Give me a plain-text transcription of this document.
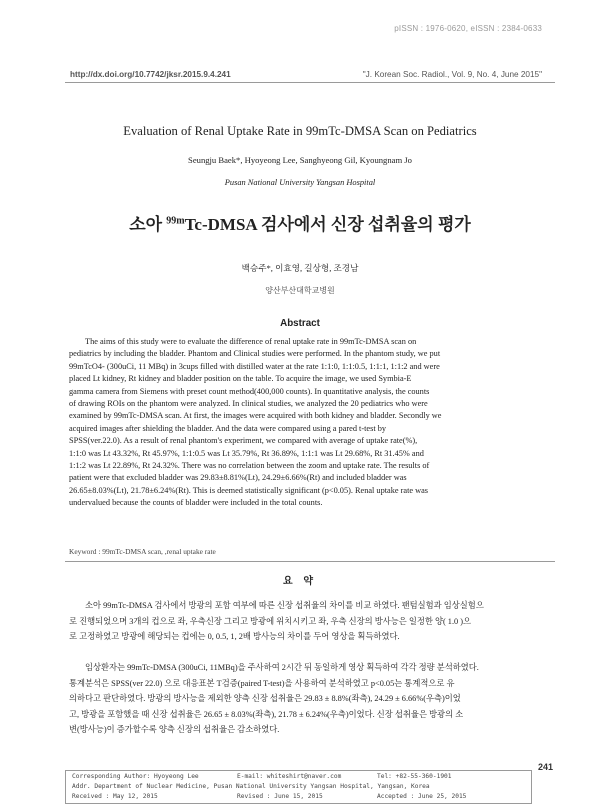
pISSN : 1976-0620, eISSN : 2384-0633
http://dx.doi.org/10.7742/jksr.2015.9.4.241	"J. Korean Soc. Radiol., Vol. 9, No. 4, June 2015"
Evaluation of Renal Uptake Rate in 99mTc-DMSA Scan on Pediatrics
Seungju Baek*, Hyoyeong Lee, Sanghyeong Gil, Kyoungnam Jo
Pusan National University Yangsan Hospital
소아 $^{99m}$Tc-DMSA 검사에서 신장 섭취율의 평가
백승주*, 이효영, 길상형, 조경남
양산부산대학교병원
Abstract
The aims of this study were to evaluate the difference of renal uptake rate in 99mTc-DMSA scan on
pediatrics by including the bladder. Phantom and Clinical studies were performed. In the phantom study, we put
99mTcO4- (300uCi, 11 MBq) in 3cups filled with distilled water at the rate 1:1:0, 1:1:0.5, 1:1:1, 1:1:2 and were
placed Lt kidney, Rt kidney and bladder position on the table. To acquire the image, we used Symbia-E
gamma camera from Siemens with preset count method(400,000 counts). In quantitative analysis, the counts
of drawing ROIs on the phantom were analyzed. In clinical studies, we analyzed the 20 pediatrics who were
examined by 99mTc-DMSA scan. At first, the images were acquired with both kidney and bladder. Secondly we
acquired images after shielding the bladder. And the data were compared using a pared t-test by
SPSS(ver.22.0). As a result of renal phantom's experiment, we compared with average of uptake rate(%),
1:1:0 was Lt 43.32%, Rt 45.97%, 1:1:0.5 was Lt 35.79%, Rt 36.89%, 1:1:1 was Lt 29.68%, Rt 31.45% and
1:1:2 was Lt 22.89%, Rt 24.32%. There was no correlation between the zoom and uptake rate. The results of
patient were that excluded bladder was 29.83±8.81%(Lt), 24.29±6.66%(Rt) and included bladder was
26.65±8.03%(Lt), 21.78±6.24%(Rt). This is deemed statistically significant (p<0.05). Renal uptake rate was
undervalued because the counts of bladder were included in the total counts.
Keyword : 99mTc-DMSA scan, ,renal uptake rate
요 약
소아 99mTc-DMSA 검사에서 방광의 포함 여부에 따른 신장 섭취율의 차이를 비교 하였다. 팬텀실험과 임상실험으
로 진행되었으며 3개의 컵으로 좌, 우측신장 그리고 방광에 위치시키고 좌, 우측 신장의 방사능은 일정한 양( 1.0 )으
로 고정하였고 방광에 해당되는 컵에는 0, 0.5, 1, 2배 방사능의 차이를 두어 영상을 획득하였다.
임상환자는 99mTc-DMSA (300uCi, 11MBq)을 주사하여 2시간 뒤 동일하게 영상 획득하여 각각 정량 분석하였다.
통계분석은 SPSS(ver 22.0) 으로 대응표본 T검증(paired T-test)을 사용하여 분석하였고 p<0.05는 통계적으로 유
의하다고 판단하였다. 방광의 방사능을 제외한 양측 신장 섭취율은 29.83 ± 8.8%(좌측), 24.29 ± 6.66%(우측)이었
고, 방광을 포함했을 때 신장 섭취율은 26.65 ± 8.03%(좌측), 21.78 ± 6.24%(우측)이었다. 신장 섭취율은 방광의 소
변(방사능)이 증가할수록 양측 신장의 섭취율은 감소하였다.
241
Corresponding Author: Hyoyeong Lee	E-mail: whiteshirt@naver.com	Tel: +82-55-360-1901
Addr. Department of Nuclear Medicine, Pusan National University Yangsan Hospital, Yangsan, Korea
Received : May 12, 2015	Revised : June 15, 2015	Accepted : June 25, 2015
